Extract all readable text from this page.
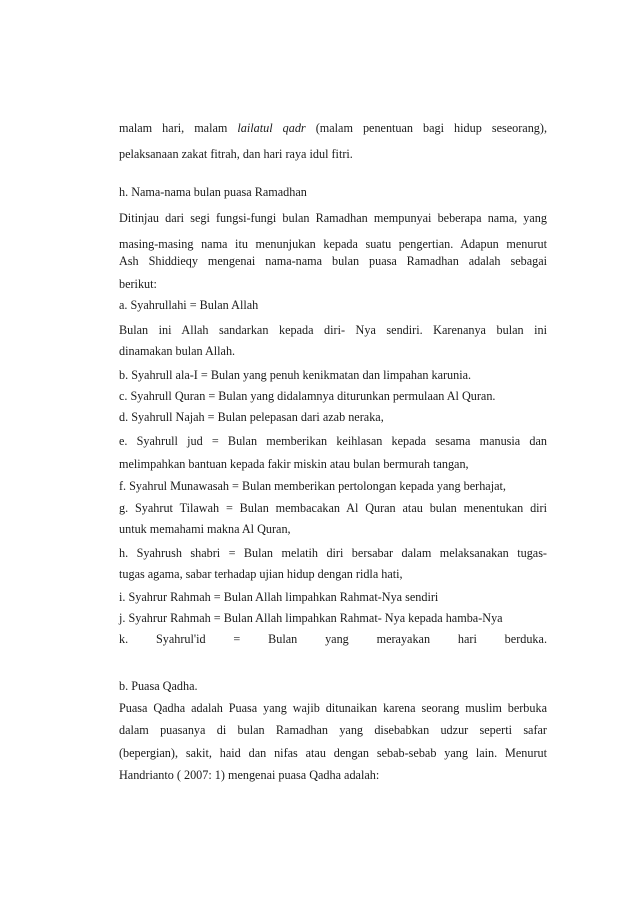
malam hari, malam lailatul qadr (malam penentuan bagi hidup seseorang),
pelaksanaan zakat fitrah, dan hari raya idul fitri.
h. Nama-nama bulan puasa Ramadhan
Ditinjau dari segi fungsi-fungi bulan Ramadhan mempunyai beberapa nama, yang
masing-masing nama itu menunjukan kepada suatu pengertian. Adapun menurut
Ash Shiddieqy mengenai nama-nama bulan puasa Ramadhan adalah sebagai
berikut:
a. Syahrullahi = Bulan Allah
Bulan ini Allah sandarkan kepada diri- Nya sendiri. Karenanya bulan ini
dinamakan bulan Allah.
b. Syahrull ala-I = Bulan yang penuh kenikmatan dan limpahan karunia.
c. Syahrull Quran = Bulan yang didalamnya diturunkan permulaan Al Quran.
d. Syahrull Najah = Bulan pelepasan dari azab neraka,
e. Syahrull jud = Bulan memberikan keihlasan kepada sesama manusia dan
melimpahkan bantuan kepada fakir miskin atau bulan bermurah tangan,
f. Syahrul Munawasah = Bulan memberikan pertolongan kepada yang berhajat,
g. Syahrut Tilawah = Bulan membacakan Al Quran atau bulan menentukan diri
untuk memahami makna Al Quran,
h. Syahrush shabri = Bulan melatih diri bersabar dalam melaksanakan tugas-
tugas agama, sabar terhadap ujian hidup dengan ridla hati,
i. Syahrur Rahmah = Bulan Allah limpahkan Rahmat-Nya sendiri
j. Syahrur Rahmah = Bulan Allah limpahkan Rahmat- Nya kepada hamba-Nya
k. Syahrul'id = Bulan yang merayakan hari berduka.
b. Puasa Qadha.
Puasa Qadha adalah Puasa yang wajib ditunaikan karena seorang muslim berbuka
dalam puasanya di bulan Ramadhan yang disebabkan udzur seperti safar
(bepergian), sakit, haid dan nifas atau dengan sebab-sebab yang lain. Menurut
Handrianto ( 2007: 1) mengenai puasa Qadha adalah:
